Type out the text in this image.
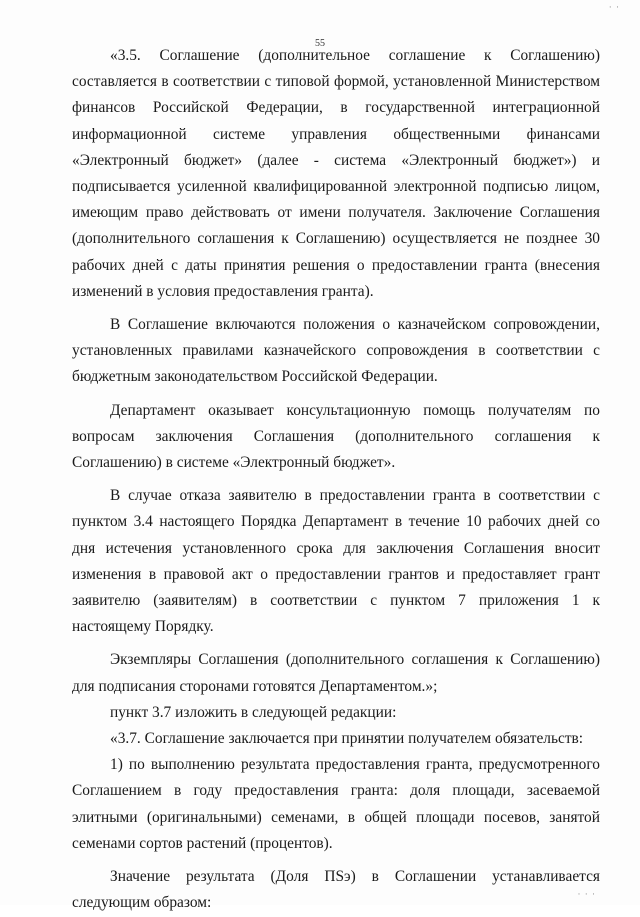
· ·
55

«3.5. Соглашение (дополнительное соглашение к Соглашению) составляется в соответствии с типовой формой, установленной Министерством финансов Российской Федерации, в государственной интеграционной информационной системе управления общественными финансами «Электронный бюджет» (далее - система «Электронный бюджет») и подписывается усиленной квалифицированной электронной подписью лицом, имеющим право действовать от имени получателя. Заключение Соглашения (дополнительного соглашения к Соглашению) осуществляется не позднее 30 рабочих дней с даты принятия решения о предоставлении гранта (внесения изменений в условия предоставления гранта).

В Соглашение включаются положения о казначейском сопровождении, установленных правилами казначейского сопровождения в соответствии с бюджетным законодательством Российской Федерации.

Департамент оказывает консультационную помощь получателям по вопросам заключения Соглашения (дополнительного соглашения к Соглашению) в системе «Электронный бюджет».

В случае отказа заявителю в предоставлении гранта в соответствии с пунктом 3.4 настоящего Порядка Департамент в течение 10 рабочих дней со дня истечения установленного срока для заключения Соглашения вносит изменения в правовой акт о предоставлении грантов и предоставляет грант заявителю (заявителям) в соответствии с пунктом 7 приложения 1 к настоящему Порядку.

Экземпляры Соглашения (дополнительного соглашения к Соглашению) для подписания сторонами готовятся Департаментом.»;

пункт 3.7 изложить в следующей редакции:

«3.7. Соглашение заключается при принятии получателем обязательств:

1) по выполнению результата предоставления гранта, предусмотренного Соглашением в году предоставления гранта: доля площади, засеваемой элитными (оригинальными) семенами, в общей площади посевов, занятой семенами сортов растений (процентов).

Значение результата (Доля ПSэ) в Соглашении устанавливается следующим образом:

· · ·
